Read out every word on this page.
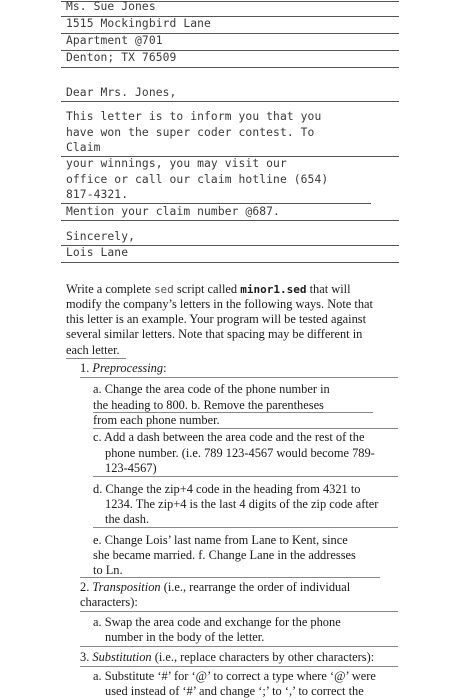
Ms. Sue Jones
1515 Mockingbird Lane
Apartment @701
Denton; TX 76509
Dear Mrs. Jones,
This letter is to inform you that you
have won the super coder contest. To
Claim
your winnings, you may visit our
office or call our claim hotline (654)
817-4321.
Mention your claim number @687.
Sincerely,
Lois Lane
Write a complete sed script called minor1.sed that will
modify the company’s letters in the following ways. Note that
this letter is an example. Your program will be tested against
several similar letters. Note that spacing may be different in
each letter.
1. Preprocessing:
a. Change the area code of the phone number in
the heading to 800. b. Remove the parentheses
from each phone number.
c. Add a dash between the area code and the rest of the
phone number. (i.e. 789 123-4567 would become 789-
123-4567)
d. Change the zip+4 code in the heading from 4321 to
1234. The zip+4 is the last 4 digits of the zip code after
the dash.
e. Change Lois’ last name from Lane to Kent, since
she became married. f. Change Lane in the addresses
to Ln.
2. Transposition (i.e., rearrange the order of individual
characters):
a. Swap the area code and exchange for the phone
number in the body of the letter.
3. Substitution (i.e., replace characters by other characters):
a. Substitute ‘#’ for ‘@’ to correct a type where ‘@’ were
used instead of ‘#’ and change ‘;’ to ‘,’ to correct the
